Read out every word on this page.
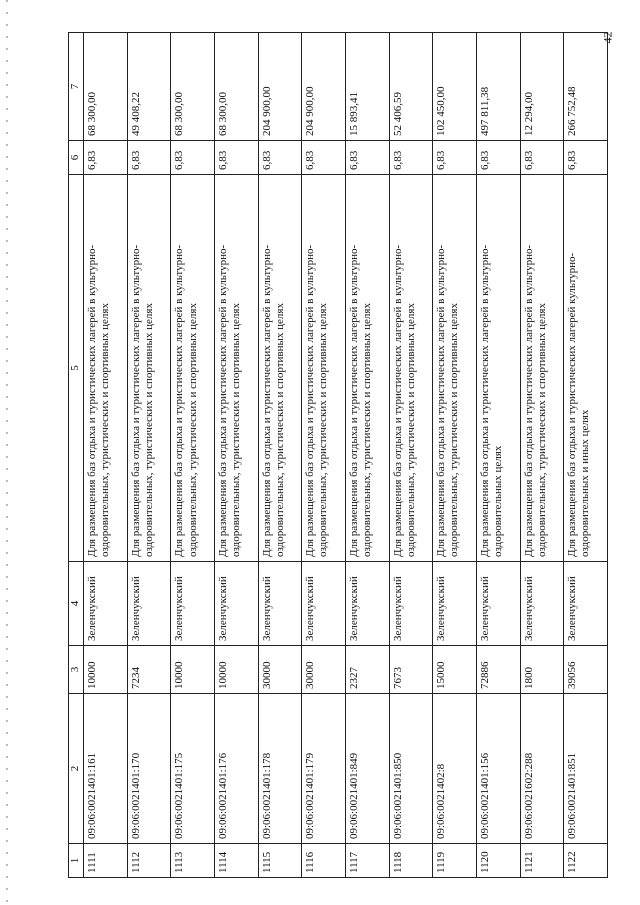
42
1	2	3	4	5	6	7
1111	09:06:0021401:161	10000	Зеленчукский	Для размещения баз отдыха и туристических лагерей в культурно-оздоровительных, туристических и спортивных целях	6,83	68 300,00
1112	09:06:0021401:170	7234	Зеленчукский	Для размещения баз отдыха и туристических лагерей в культурно-оздоровительных, туристических и спортивных целях	6,83	49 408,22
1113	09:06:0021401:175	10000	Зеленчукский	Для размещения баз отдыха и туристических лагерей в культурно-оздоровительных, туристических и спортивных целях	6,83	68 300,00
1114	09:06:0021401:176	10000	Зеленчукский	Для размещения баз отдыха и туристических лагерей в культурно-оздоровительных, туристических и спортивных целях	6,83	68 300,00
1115	09:06:0021401:178	30000	Зеленчукский	Для размещения баз отдыха и туристических лагерей в культурно-оздоровительных, туристических и спортивных целях	6,83	204 900,00
1116	09:06:0021401:179	30000	Зеленчукский	Для размещения баз отдыха и туристических лагерей в культурно-оздоровительных, туристических и спортивных целях	6,83	204 900,00
1117	09:06:0021401:849	2327	Зеленчукский	Для размещения баз отдыха и туристических лагерей в культурно-оздоровительных, туристических и спортивных целях	6,83	15 893,41
1118	09:06:0021401:850	7673	Зеленчукский	Для размещения баз отдыха и туристических лагерей в культурно-оздоровительных, туристических и спортивных целях	6,83	52 406,59
1119	09:06:0021402:8	15000	Зеленчукский	Для размещения баз отдыха и туристических лагерей в культурно-оздоровительных, туристических и спортивных целях	6,83	102 450,00
1120	09:06:0021401:156	72886	Зеленчукский	Для размещения баз отдыха и туристических лагерей в культурно-оздоровительных целях	6,83	497 811,38
1121	09:06:0021602:288	1800	Зеленчукский	Для размещения баз отдыха и туристических лагерей в культурно-оздоровительных, туристических и спортивных целях	6,83	12 294,00
1122	09:06:0021401:851	39056	Зеленчукский	Для размещения баз отдыха и туристических лагерей культурно-оздоровительных и иных целях	6,83	266 752,48
